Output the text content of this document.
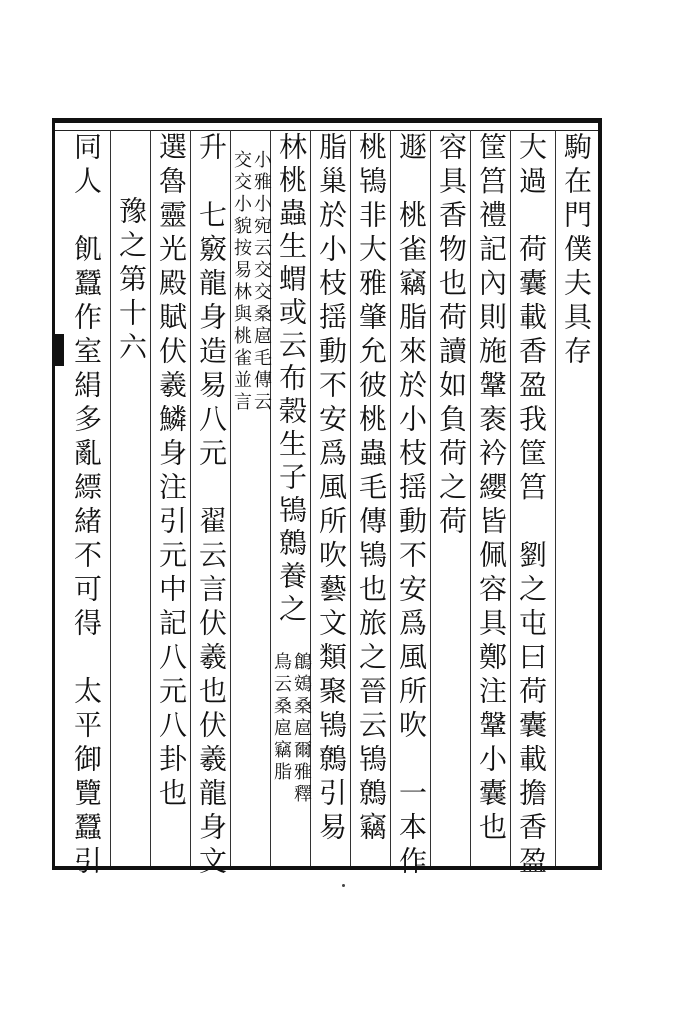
駒在門僕夫具存
大過　荷囊載香盈我筐筥　劉之屯曰荷囊載擔香盈
筐筥禮記內則施鞶袠衿纓皆佩容具鄭注鞶小囊也
容具香物也荷讀如負荷之荷
遯　桃雀竊脂來於小枝揺動不安爲風所吹　一本作
桃鴇非大雅肇允彼桃蟲毛傳鴇也旅之晉云鴇鷯竊
脂巢於小枝揺動不安爲風所吹藝文類聚鴇鷯引易
林桃蟲生蝟或云布榖生子鴇鷯養之
鶬鴳桑扈爾雅釋
鳥云桑扈竊脂
小雅小宛云交交桑扈毛傳云
交交小貌按易林與桃雀並言
升　七竅龍身造易八元　翟云言伏羲也伏羲龍身文
選魯靈光殿賦伏羲鱗身注引元中記八元八卦也
豫之第十六
同人　飢蠶作室絹多亂縹緒不可得　太平御覽蠶引
